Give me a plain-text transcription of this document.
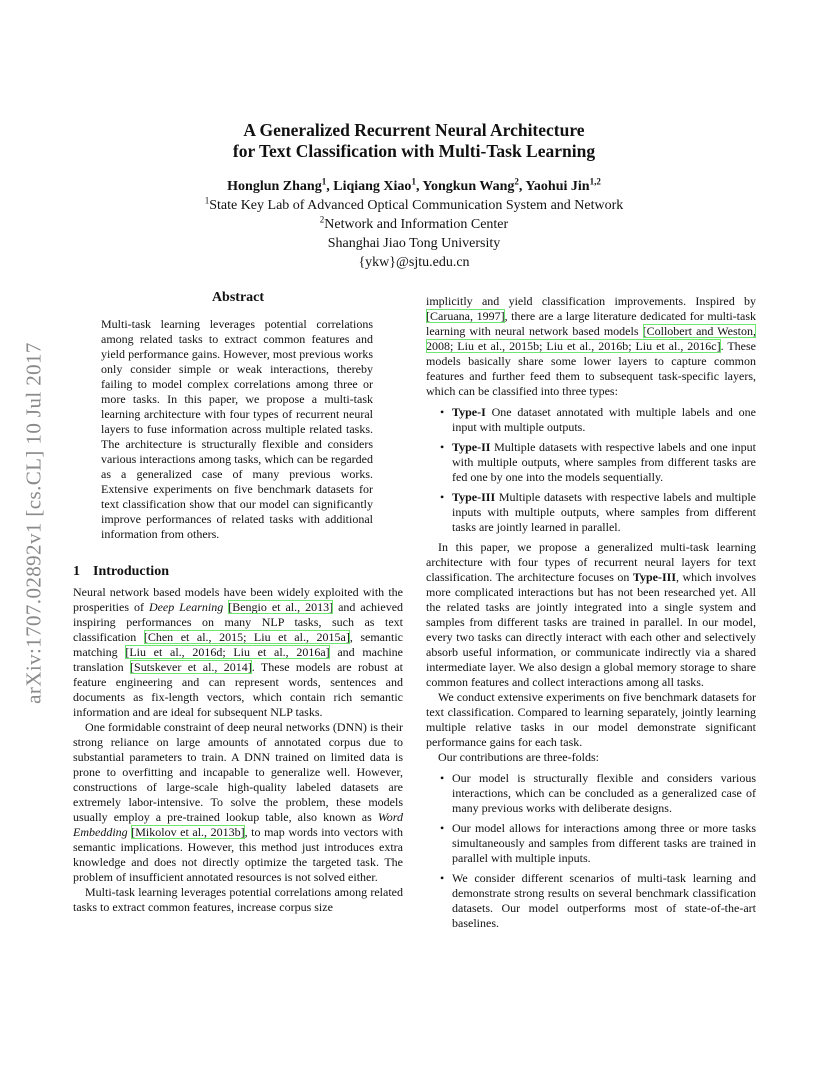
arXiv:1707.02892v1 [cs.CL] 10 Jul 2017
A Generalized Recurrent Neural Architecture
for Text Classification with Multi-Task Learning
Honglun Zhang$^1$, Liqiang Xiao$^1$, Yongkun Wang$^2$, Yaohui Jin$^{1,2}$
$^1$State Key Lab of Advanced Optical Communication System and Network
$^2$Network and Information Center
Shanghai Jiao Tong University
{ykw}@sjtu.edu.cn
Abstract

Multi-task learning leverages potential correlations among related tasks to extract common features and yield performance gains. However, most previous works only consider simple or weak interactions, thereby failing to model complex correlations among three or more tasks. In this paper, we propose a multi-task learning architecture with four types of recurrent neural layers to fuse information across multiple related tasks. The architecture is structurally flexible and considers various interactions among tasks, which can be regarded as a generalized case of many previous works. Extensive experiments on five benchmark datasets for text classification show that our model can significantly improve performances of related tasks with additional information from others.

1 Introduction

Neural network based models have been widely exploited with the prosperities of Deep Learning [Bengio et al., 2013] and achieved inspiring performances on many NLP tasks, such as text classification [Chen et al., 2015; Liu et al., 2015a], semantic matching [Liu et al., 2016d; Liu et al., 2016a] and machine translation [Sutskever et al., 2014]. These models are robust at feature engineering and can represent words, sentences and documents as fix-length vectors, which contain rich semantic information and are ideal for subsequent NLP tasks.

One formidable constraint of deep neural networks (DNN) is their strong reliance on large amounts of annotated corpus due to substantial parameters to train. A DNN trained on limited data is prone to overfitting and incapable to generalize well. However, constructions of large-scale high-quality labeled datasets are extremely labor-intensive. To solve the problem, these models usually employ a pre-trained lookup table, also known as Word Embedding [Mikolov et al., 2013b], to map words into vectors with semantic implications. However, this method just introduces extra knowledge and does not directly optimize the targeted task. The problem of insufficient annotated resources is not solved either.

Multi-task learning leverages potential correlations among related tasks to extract common features, increase corpus size

implicitly and yield classification improvements. Inspired by [Caruana, 1997], there are a large literature dedicated for multi-task learning with neural network based models [Collobert and Weston, 2008; Liu et al., 2015b; Liu et al., 2016b; Liu et al., 2016c]. These models basically share some lower layers to capture common features and further feed them to subsequent task-specific layers, which can be classified into three types:

• Type-I One dataset annotated with multiple labels and one input with multiple outputs.
• Type-II Multiple datasets with respective labels and one input with multiple outputs, where samples from different tasks are fed one by one into the models sequentially.
• Type-III Multiple datasets with respective labels and multiple inputs with multiple outputs, where samples from different tasks are jointly learned in parallel.

In this paper, we propose a generalized multi-task learning architecture with four types of recurrent neural layers for text classification. The architecture focuses on Type-III, which involves more complicated interactions but has not been researched yet. All the related tasks are jointly integrated into a single system and samples from different tasks are trained in parallel. In our model, every two tasks can directly interact with each other and selectively absorb useful information, or communicate indirectly via a shared intermediate layer. We also design a global memory storage to share common features and collect interactions among all tasks.

We conduct extensive experiments on five benchmark datasets for text classification. Compared to learning separately, jointly learning multiple relative tasks in our model demonstrate significant performance gains for each task.

Our contributions are three-folds:

• Our model is structurally flexible and considers various interactions, which can be concluded as a generalized case of many previous works with deliberate designs.
• Our model allows for interactions among three or more tasks simultaneously and samples from different tasks are trained in parallel with multiple inputs.
• We consider different scenarios of multi-task learning and demonstrate strong results on several benchmark classification datasets. Our model outperforms most of state-of-the-art baselines.
